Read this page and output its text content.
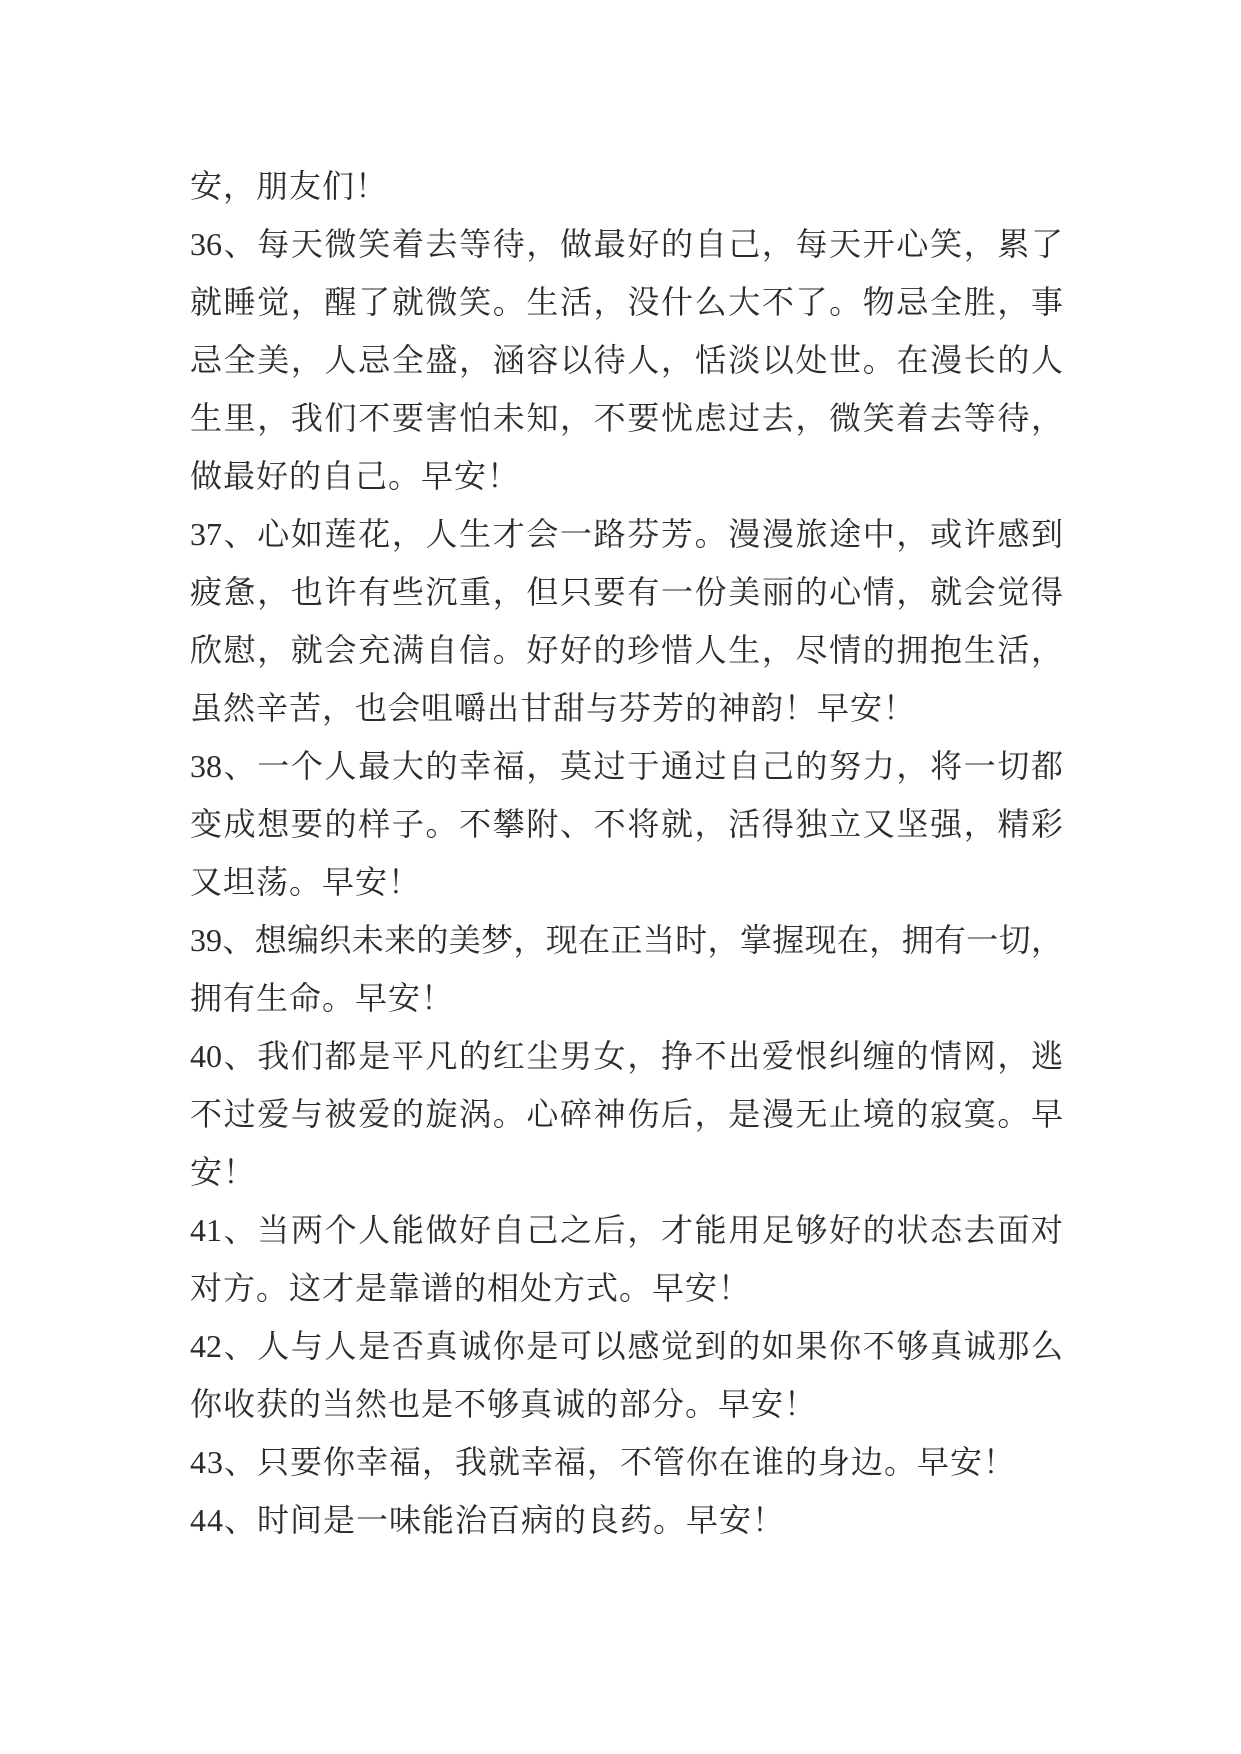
安，朋友们！
36、每天微笑着去等待，做最好的自己，每天开心笑，累了
就睡觉，醒了就微笑。生活，没什么大不了。物忌全胜，事
忌全美，人忌全盛，涵容以待人，恬淡以处世。在漫长的人
生里，我们不要害怕未知，不要忧虑过去，微笑着去等待，
做最好的自己。早安！
37、心如莲花，人生才会一路芬芳。漫漫旅途中，或许感到
疲惫，也许有些沉重，但只要有一份美丽的心情，就会觉得
欣慰，就会充满自信。好好的珍惜人生，尽情的拥抱生活，
虽然辛苦，也会咀嚼出甘甜与芬芳的神韵！早安！
38、一个人最大的幸福，莫过于通过自己的努力，将一切都
变成想要的样子。不攀附、不将就，活得独立又坚强，精彩
又坦荡。早安！
39、想编织未来的美梦，现在正当时，掌握现在，拥有一切，
拥有生命。早安！
40、我们都是平凡的红尘男女，挣不出爱恨纠缠的情网，逃
不过爱与被爱的旋涡。心碎神伤后，是漫无止境的寂寞。早
安！
41、当两个人能做好自己之后，才能用足够好的状态去面对
对方。这才是靠谱的相处方式。早安！
42、人与人是否真诚你是可以感觉到的如果你不够真诚那么
你收获的当然也是不够真诚的部分。早安！
43、只要你幸福，我就幸福，不管你在谁的身边。早安！
44、时间是一味能治百病的良药。早安！
